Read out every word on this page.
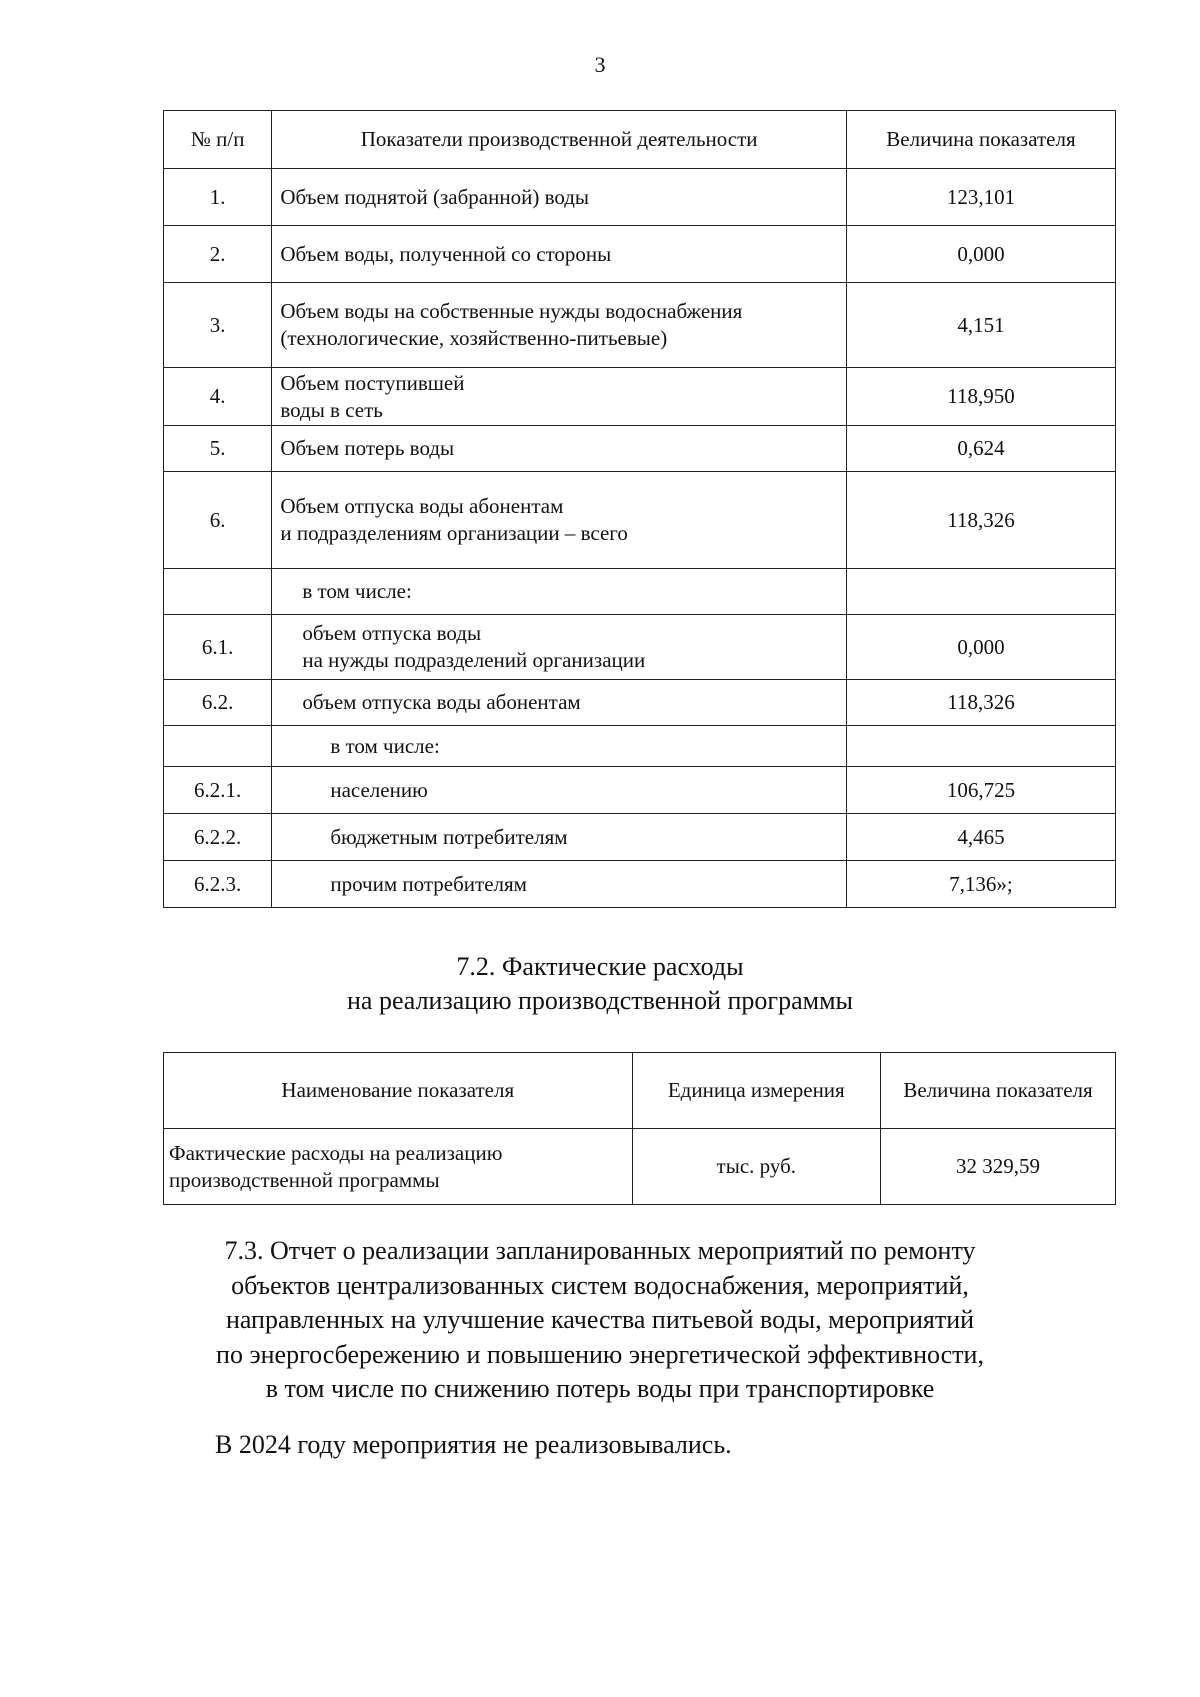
3
№ п/п	Показатели производственной деятельности	Величина показателя
1.	Объем поднятой (забранной) воды	123,101
2.	Объем воды, полученной со стороны	0,000
3.	Объем воды на собственные нужды водоснабжения
(технологические, хозяйственно-питьевые)	4,151
4.	Объем поступившей
воды в сеть	118,950
5.	Объем потерь воды	0,624
6.	Объем отпуска воды абонентам
и подразделениям организации – всего	118,326
	в том числе:	
6.1.	объем отпуска воды
на нужды подразделений организации	0,000
6.2.	объем отпуска воды абонентам	118,326
	в том числе:	
6.2.1.	населению	106,725
6.2.2.	бюджетным потребителям	4,465
6.2.3.	прочим потребителям	7,136»;
7.2. Фактические расходы
на реализацию производственной программы
Наименование показателя	Единица измерения	Величина показателя

Фактические расходы на реализацию
производственной программы	тыс. руб.	32 329,59
7.3. Отчет о реализации запланированных мероприятий по ремонту
объектов централизованных систем водоснабжения, мероприятий,
направленных на улучшение качества питьевой воды, мероприятий
по энергосбережению и повышению энергетической эффективности,
в том числе по снижению потерь воды при транспортировке
В 2024 году мероприятия не реализовывались.
